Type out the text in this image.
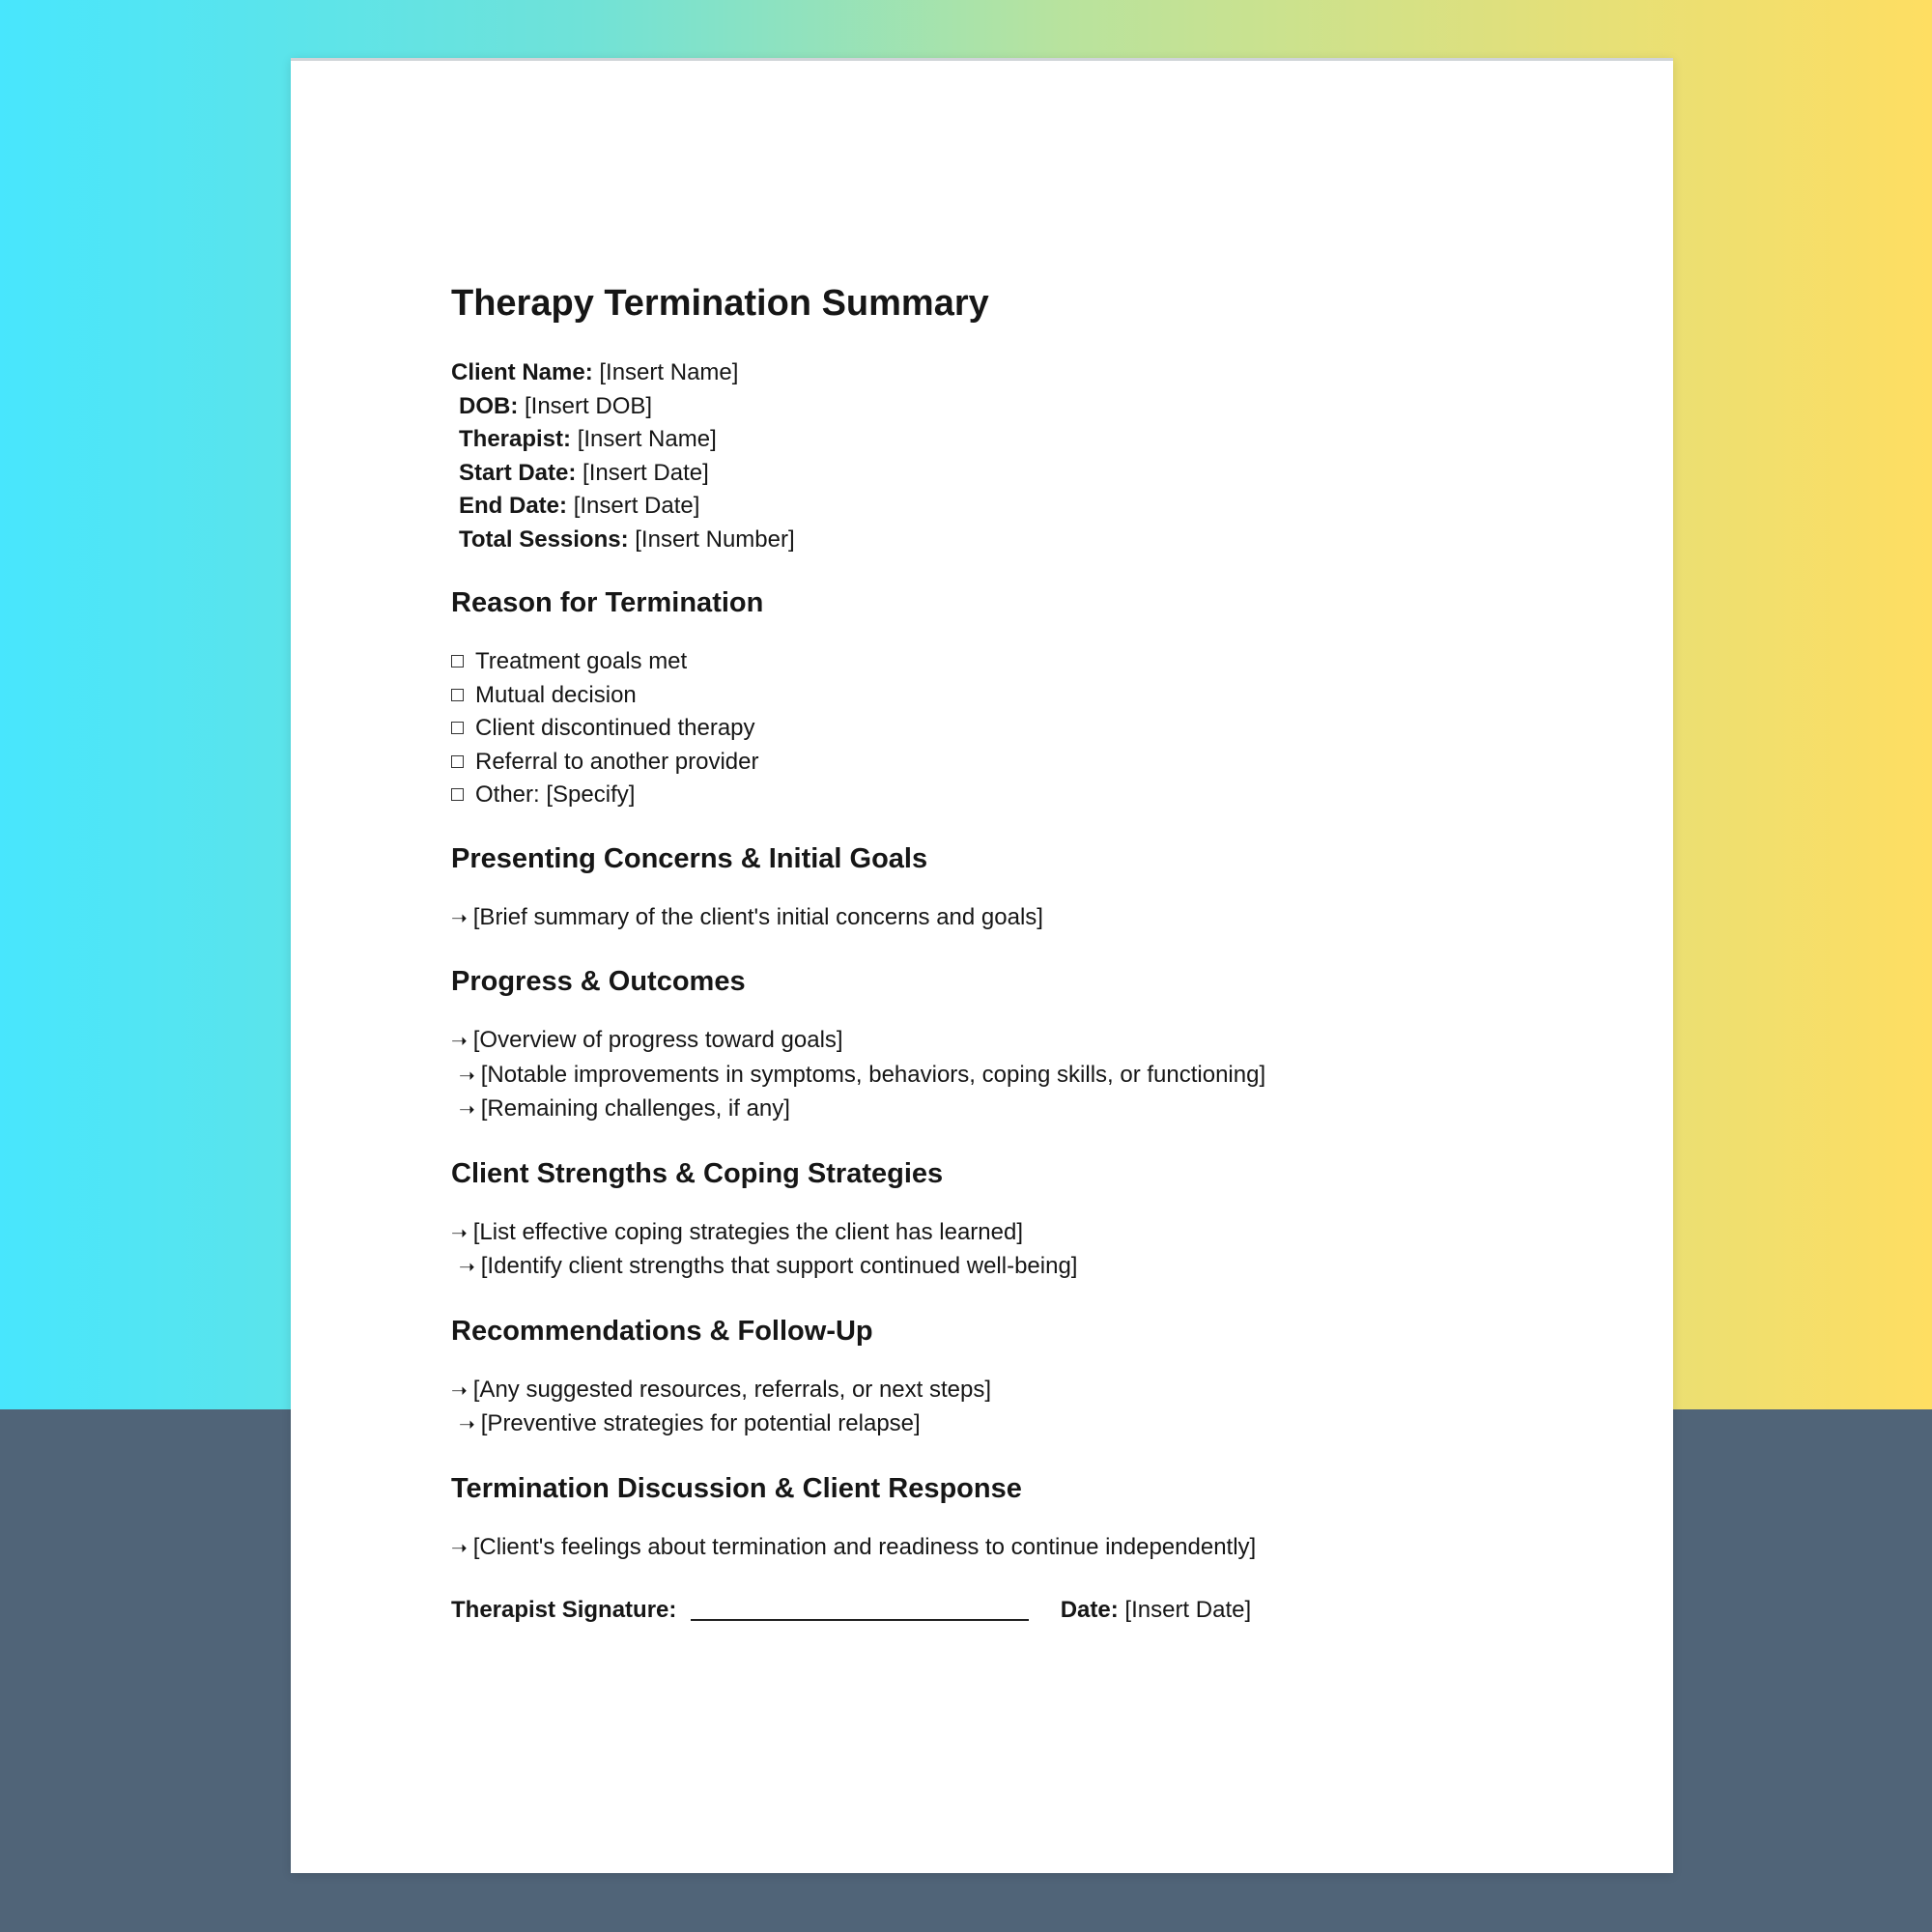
Therapy Termination Summary
Client Name: [Insert Name]
DOB: [Insert DOB]
Therapist: [Insert Name]
Start Date: [Insert Date]
End Date: [Insert Date]
Total Sessions: [Insert Number]
Reason for Termination
Treatment goals met
Mutual decision
Client discontinued therapy
Referral to another provider
Other: [Specify]
Presenting Concerns & Initial Goals
➝ [Brief summary of the client's initial concerns and goals]
Progress & Outcomes
➝ [Overview of progress toward goals]
➝ [Notable improvements in symptoms, behaviors, coping skills, or functioning]
➝ [Remaining challenges, if any]
Client Strengths & Coping Strategies
➝ [List effective coping strategies the client has learned]
➝ [Identify client strengths that support continued well-being]
Recommendations & Follow-Up
➝ [Any suggested resources, referrals, or next steps]
➝ [Preventive strategies for potential relapse]
Termination Discussion & Client Response
➝ [Client's feelings about termination and readiness to continue independently]
Therapist Signature:	Date: [Insert Date]
